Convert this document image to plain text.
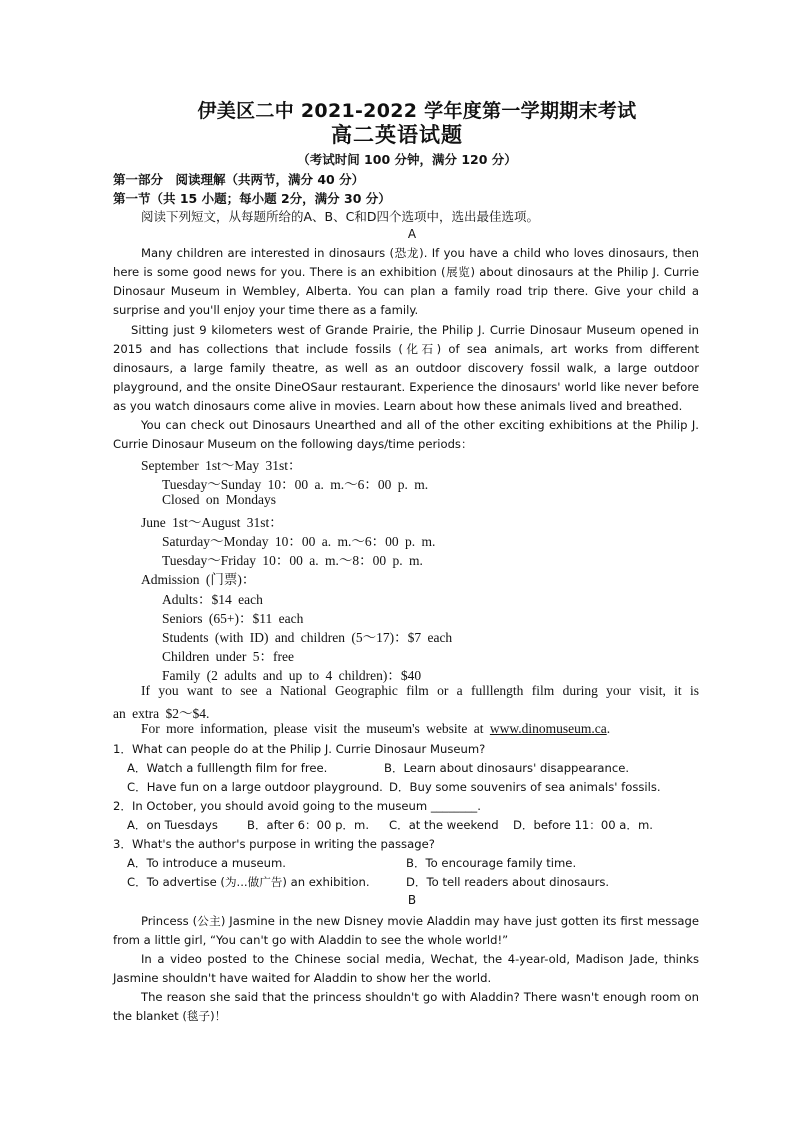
伊美区二中 2021-2022 学年度第一学期期末考试
高二英语试题
（考试时间 100 分钟，满分 120 分）
第一部分　阅读理解（共两节，满分 40 分）
第一节（共 15 小题；每小题 2分，满分 30 分）
阅读下列短文，从每题所给的A、B、C和D四个选项中，选出最佳选项。
A
Many children are interested in dinosaurs (恐龙). If you have a child who loves dinosaurs, then here is some good news for you. There is an exhibition (展览) about dinosaurs at the Philip J. Currie Dinosaur Museum in Wembley, Alberta. You can plan a family road trip there. Give your child a surprise and you'll enjoy your time there as a family.
Sitting just 9 kilometers west of Grande Prairie, the Philip J. Currie Dinosaur Museum opened in 2015 and has collections that include fossils (化石) of sea animals, art works from different dinosaurs, a large family theatre, as well as an outdoor discovery fossil walk, a large outdoor playground, and the onsite DineOSaur restaurant. Experience the dinosaurs' world like never before as you watch dinosaurs come alive in movies. Learn about how these animals lived and breathed.
You can check out Dinosaurs Unearthed and all of the other exciting exhibitions at the Philip J. Currie Dinosaur Museum on the following days/time periods：
September 1st～May 31st：
Tuesday～Sunday 10：00 a. m.～6：00 p. m.
Closed on Mondays
June 1st～August 31st：
Saturday～Monday 10：00 a. m.～6：00 p. m.
Tuesday～Friday 10：00 a. m.～8：00 p. m.
Admission (门票)：
Adults：$14 each
Seniors (65+)：$11 each
Students (with ID) and children (5～17)：$7 each
Children under 5：free
Family (2 adults and up to 4 children)：$40
If you want to see a National Geographic film or a fulllength film during your visit, it is
an extra $2～$4.
For more information, please visit the museum's website at www.dinomuseum.ca.
1．What can people do at the Philip J. Currie Dinosaur Museum?
A．Watch a fulllength film for free.	B．Learn about dinosaurs' disappearance.
C．Have fun on a large outdoor playground. D．Buy some souvenirs of sea animals' fossils.
2．In October, you should avoid going to the museum ________.
A．on Tuesdays	B．after 6：00 p．m. C．at the weekend D．before 11：00 a．m.
3．What's the author's purpose in writing the passage?
A．To introduce a museum.	B．To encourage family time.
C．To advertise (为...做广告) an exhibition.	D．To tell readers about dinosaurs.
B
Princess (公主) Jasmine in the new Disney movie Aladdin may have just gotten its first message from a little girl, “You can't go with Aladdin to see the whole world!”
In a video posted to the Chinese social media, Wechat, the 4-year-old, Madison Jade, thinks Jasmine shouldn't have waited for Aladdin to show her the world.
The reason she said that the princess shouldn't go with Aladdin? There wasn't enough room on the blanket (毯子)！
